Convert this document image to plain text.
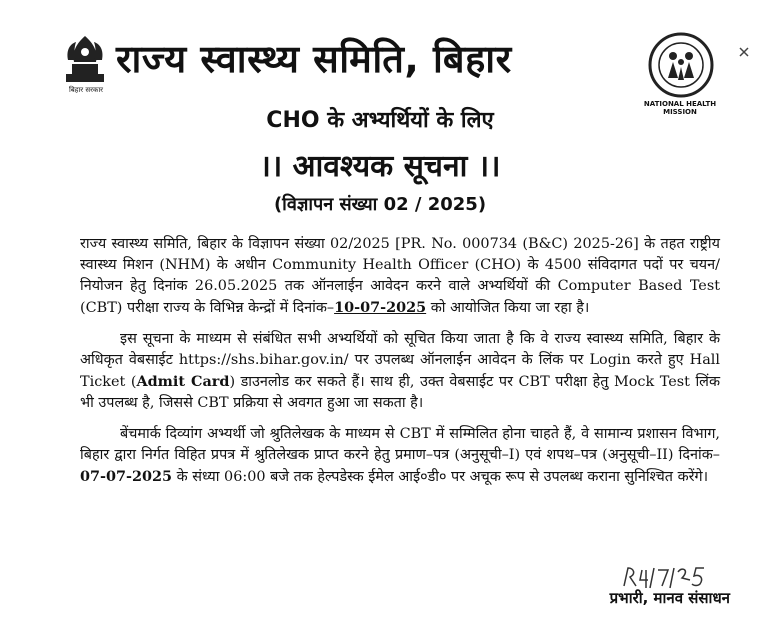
बिहार सरकार
राज्य स्वास्थ्य समिति, बिहार
NATIONAL HEALTH MISSION
CHO के अभ्यर्थियों के लिए
।। आवश्यक सूचना ।।
(विज्ञापन संख्या 02 / 2025)

राज्य स्वास्थ्य समिति, बिहार के विज्ञापन संख्या 02/2025 [PR. No. 000734 (B&C) 2025-26] के तहत राष्ट्रीय स्वास्थ्य मिशन (NHM) के अधीन Community Health Officer (CHO) के 4500 संविदागत पदों पर चयन/नियोजन हेतु दिनांक 26.05.2025 तक ऑनलाईन आवेदन करने वाले अभ्यर्थियों की Computer Based Test (CBT) परीक्षा राज्य के विभिन्न केन्द्रों में दिनांक–10-07-2025 को आयोजित किया जा रहा है।

इस सूचना के माध्यम से संबंधित सभी अभ्यर्थियों को सूचित किया जाता है कि वे राज्य स्वास्थ्य समिति, बिहार के अधिकृत वेबसाईट https://shs.bihar.gov.in/ पर उपलब्ध ऑनलाईन आवेदन के लिंक पर Login करते हुए Hall Ticket (Admit Card) डाउनलोड कर सकते हैं। साथ ही, उक्त वेबसाईट पर CBT परीक्षा हेतु Mock Test लिंक भी उपलब्ध है, जिससे CBT प्रक्रिया से अवगत हुआ जा सकता है।

बेंचमार्क दिव्यांग अभ्यर्थी जो श्रुतिलेखक के माध्यम से CBT में सम्मिलित होना चाहते हैं, वे सामान्य प्रशासन विभाग, बिहार द्वारा निर्गत विहित प्रपत्र में श्रुतिलेखक प्राप्त करने हेतु प्रमाण–पत्र (अनुसूची–I) एवं शपथ–पत्र (अनुसूची–II) दिनांक– 07-07-2025 के संध्या 06:00 बजे तक हेल्पडेस्क ईमेल आई०डी० पर अचूक रूप से उपलब्ध कराना सुनिश्चित करेंगे।

प्रभारी, मानव संसाधन
